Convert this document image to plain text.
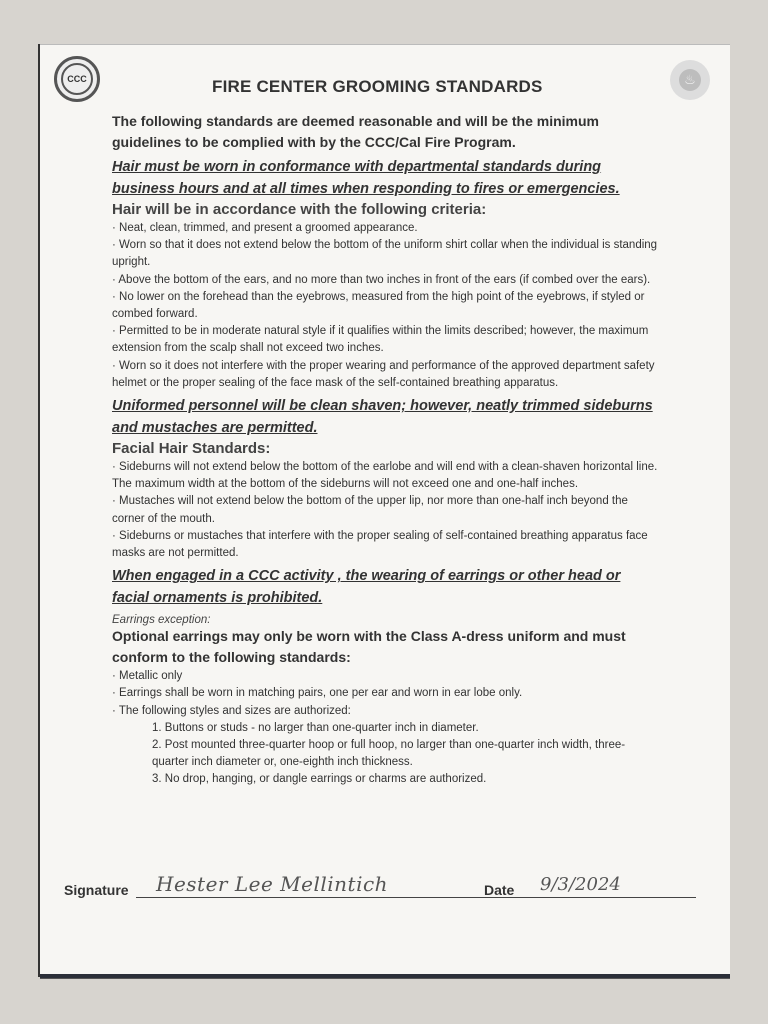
CCC	♨
FIRE CENTER GROOMING STANDARDS

The following standards are deemed reasonable and will be the minimum guidelines to be complied with by the CCC/Cal Fire Program.

Hair must be worn in conformance with departmental standards during business hours and at all times when responding to fires or emergencies.

Hair will be in accordance with the following criteria:
· Neat, clean, trimmed, and present a groomed appearance.
· Worn so that it does not extend below the bottom of the uniform shirt collar when the individual is standing upright.
· Above the bottom of the ears, and no more than two inches in front of the ears (if combed over the ears).
· No lower on the forehead than the eyebrows, measured from the high point of the eyebrows, if styled or combed forward.
· Permitted to be in moderate natural style if it qualifies within the limits described; however, the maximum extension from the scalp shall not exceed two inches.
· Worn so it does not interfere with the proper wearing and performance of the approved department safety helmet or the proper sealing of the face mask of the self-contained breathing apparatus.

Uniformed personnel will be clean shaven; however, neatly trimmed sideburns and mustaches are permitted.

Facial Hair Standards:
· Sideburns will not extend below the bottom of the earlobe and will end with a clean-shaven horizontal line. The maximum width at the bottom of the sideburns will not exceed one and one-half inches.
· Mustaches will not extend below the bottom of the upper lip, nor more than one-half inch beyond the corner of the mouth.
· Sideburns or mustaches that interfere with the proper sealing of self-contained breathing apparatus face masks are not permitted.

When engaged in a CCC activity , the wearing of earrings or other head or facial ornaments is prohibited.

Earrings exception:

Optional earrings may only be worn with the Class A-dress uniform and must conform to the following standards:

· Metallic only
· Earrings shall be worn in matching pairs, one per ear and worn in ear lobe only.
· The following styles and sizes are authorized:
1. Buttons or studs - no larger than one-quarter inch in diameter.
2. Post mounted three-quarter hoop or full hoop, no larger than one-quarter inch width, three-quarter inch diameter or, one-eighth inch thickness.
3. No drop, hanging, or dangle earrings or charms are authorized.
Signature Hester Lee Mellintich	Date 9/3/2024
